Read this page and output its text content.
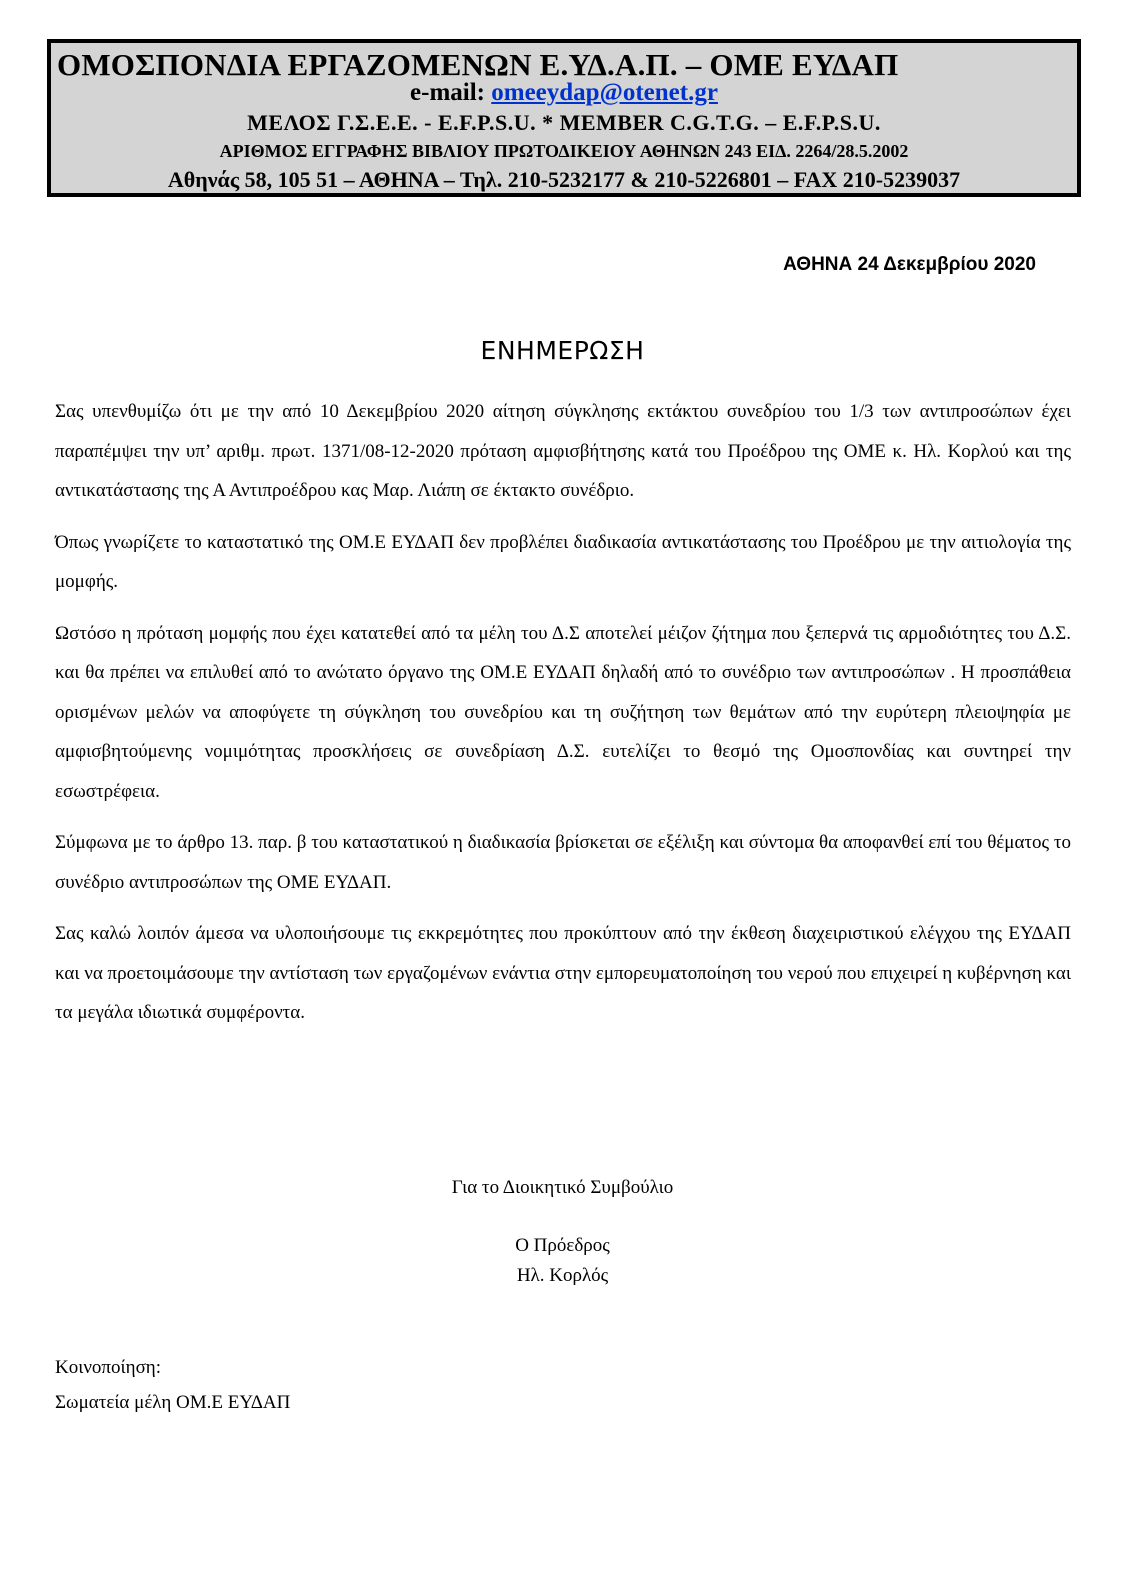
ΟΜΟΣΠΟΝΔΙΑ ΕΡΓΑΖΟΜΕΝΩΝ Ε.ΥΔ.Α.Π. – ΟΜΕ ΕΥΔΑΠ
e-mail: omeeydap@otenet.gr
ΜΕΛΟΣ Γ.Σ.Ε.Ε. - E.F.P.S.U. * MEMBER C.G.T.G. – E.F.P.S.U.
ΑΡΙΘΜΟΣ ΕΓΓΡΑΦΗΣ ΒΙΒΛΙΟΥ ΠΡΩΤΟΔΙΚΕΙΟΥ ΑΘΗΝΩΝ 243 ΕΙΔ. 2264/28.5.2002
Αθηνάς 58, 105 51 – ΑΘΗΝΑ – Τηλ. 210-5232177 & 210-5226801 – FAX 210-5239037
ΑΘΗΝΑ 24 Δεκεμβρίου 2020
ΕΝΗΜΕΡΩΣΗ

Σας υπενθυμίζω ότι με την από 10 Δεκεμβρίου 2020 αίτηση σύγκλησης εκτάκτου συνεδρίου του 1/3 των αντιπροσώπων έχει παραπέμψει την υπ’ αριθμ. πρωτ. 1371/08-12-2020 πρόταση αμφισβήτησης κατά του Προέδρου της ΟΜΕ κ. Ηλ. Κορλού και της αντικατάστασης της Α Αντιπροέδρου κας Μαρ. Λιάπη σε έκτακτο συνέδριο.

Όπως γνωρίζετε το καταστατικό της ΟΜ.Ε ΕΥΔΑΠ δεν προβλέπει διαδικασία αντικατάστασης του Προέδρου με την αιτιολογία της μομφής.

Ωστόσο η πρόταση μομφής που έχει κατατεθεί από τα μέλη του Δ.Σ αποτελεί μέιζον ζήτημα που ξεπερνά τις αρμοδιότητες του Δ.Σ. και θα πρέπει να επιλυθεί από το ανώτατο όργανο της ΟΜ.Ε ΕΥΔΑΠ δηλαδή από το συνέδριο των αντιπροσώπων . Η προσπάθεια ορισμένων μελών να αποφύγετε τη σύγκληση του συνεδρίου και τη συζήτηση των θεμάτων από την ευρύτερη πλειοψηφία με αμφισβητούμενης νομιμότητας προσκλήσεις σε συνεδρίαση Δ.Σ. ευτελίζει το θεσμό της Ομοσπονδίας και συντηρεί την εσωστρέφεια.

Σύμφωνα με το άρθρο 13. παρ. β του καταστατικού η διαδικασία βρίσκεται σε εξέλιξη και σύντομα θα αποφανθεί επί του θέματος το συνέδριο αντιπροσώπων της ΟΜΕ ΕΥΔΑΠ.

Σας καλώ λοιπόν άμεσα να υλοποιήσουμε τις εκκρεμότητες που προκύπτουν από την έκθεση διαχειριστικού ελέγχου της ΕΥΔΑΠ και να προετοιμάσουμε την αντίσταση των εργαζομένων ενάντια στην εμπορευματοποίηση του νερού που επιχειρεί η κυβέρνηση και τα μεγάλα ιδιωτικά συμφέροντα.

Για το Διοικητικό Συμβούλιο
Ο Πρόεδρος
Ηλ. Κορλός
Κοινοποίηση:
Σωματεία μέλη ΟΜ.Ε ΕΥΔΑΠ
